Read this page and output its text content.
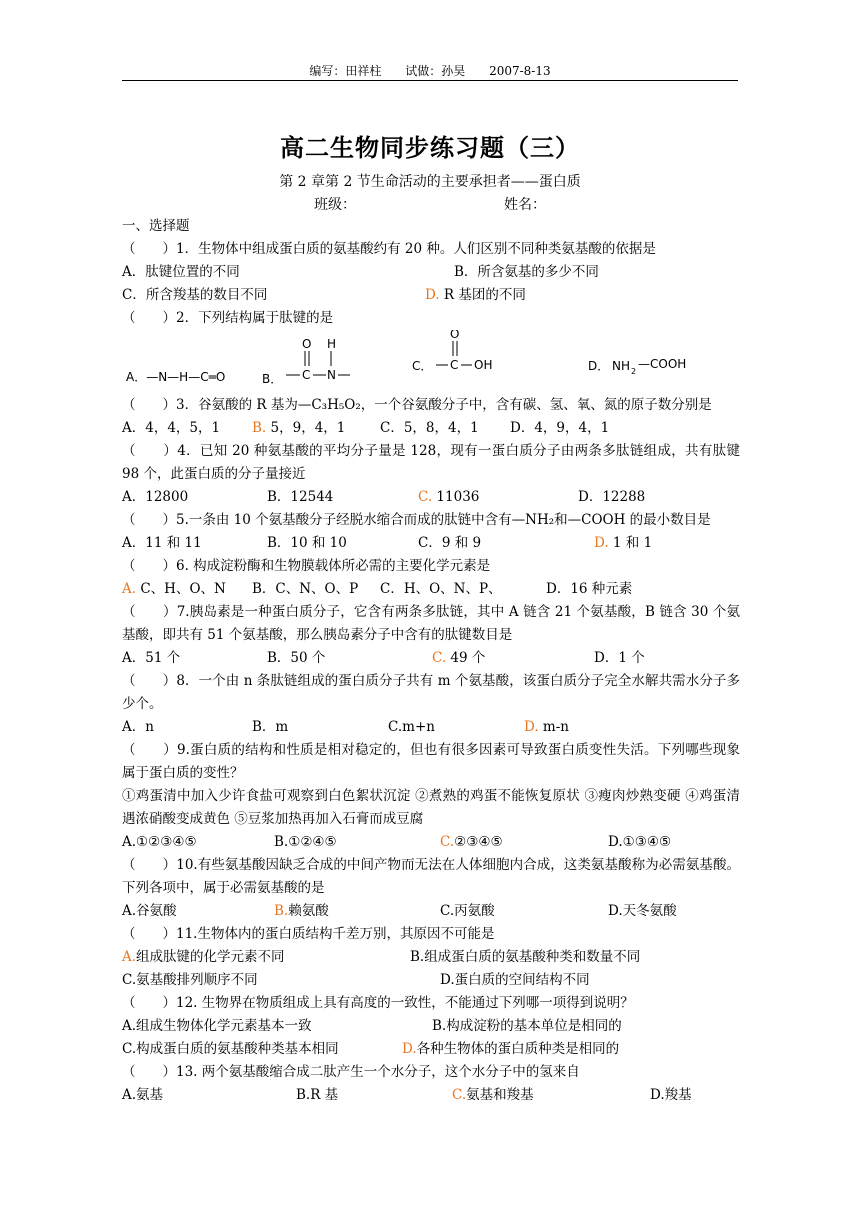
编写：田祥柱 试做：孙昊 2007-8-13
高二生物同步练习题（三）
第 2 章第 2 节生命活动的主要承担者——蛋白质
班级：	姓名：
一、选择题
（　　）1．生物体中组成蛋白质的氨基酸约有 20 种。人们区别不同种类氨基酸的依据是
A．肽键位置的不同	B．所含氨基的多少不同
C．所含羧基的数目不同	D. R 基团的不同
（　　）2．下列结构属于肽键的是
A．—N—H—C═O	B． C N
O H
C． C OH
O
D． NH 2
—COOH
（　　）3．谷氨酸的 R 基为—C₃H₅O₂，一个谷氨酸分子中，含有碳、氢、氧、氮的原子数分别是
A．4，4，5，1 B. 5，9，4，1	C．5，8，4，1 D．4，9，4，1
（　　）4．已知 20 种氨基酸的平均分子量是 128，现有一蛋白质分子由两条多肽链组成，共有肽键 98 个，此蛋白质的分子量接近
A．12800	B．12544	C. 11036	D．12288
（　　）5.一条由 10 个氨基酸分子经脱水缩合而成的肽链中含有—NH₂和—COOH 的最小数目是
A．11 和 11	B．10 和 10	C．9 和 9	D. 1 和 1
（　　）6. 构成淀粉酶和生物膜载体所必需的主要化学元素是
A. C、H、O、N B．C、N、O、P C．H、O、N、P、	D．16 种元素
（　　）7.胰岛素是一种蛋白质分子，它含有两条多肽链，其中 A 链含 21 个氨基酸，B 链含 30 个氨基酸，即共有 51 个氨基酸，那么胰岛素分子中含有的肽键数目是
A．51 个	B．50 个	C. 49 个	D．1 个
（　　）8．一个由 n 条肽链组成的蛋白质分子共有 m 个氨基酸，该蛋白质分子完全水解共需水分子多少个。
A．n	B．m	C.m+n	D. m-n
（　　）9.蛋白质的结构和性质是相对稳定的，但也有很多因素可导致蛋白质变性失活。下列哪些现象属于蛋白质的变性？
①鸡蛋清中加入少许食盐可观察到白色絮状沉淀 ②煮熟的鸡蛋不能恢复原状 ③瘦肉炒熟变硬 ④鸡蛋清遇浓硝酸变成黄色 ⑤豆浆加热再加入石膏而成豆腐
A.①②③④⑤	B.①②④⑤	C.②③④⑤	D.①③④⑤
（　　）10.有些氨基酸因缺乏合成的中间产物而无法在人体细胞内合成，这类氨基酸称为必需氨基酸。下列各项中，属于必需氨基酸的是
A.谷氨酸	B.赖氨酸	C.丙氨酸	D.天冬氨酸
（　　）11.生物体内的蛋白质结构千差万别，其原因不可能是
A.组成肽键的化学元素不同	B.组成蛋白质的氨基酸种类和数量不同
C.氨基酸排列顺序不同	D.蛋白质的空间结构不同
（　　）12. 生物界在物质组成上具有高度的一致性，不能通过下列哪一项得到说明？
A.组成生物体化学元素基本一致	B.构成淀粉的基本单位是相同的
C.构成蛋白质的氨基酸种类基本相同	D.各种生物体的蛋白质种类是相同的
（　　）13. 两个氨基酸缩合成二肽产生一个水分子，这个水分子中的氢来自
A.氨基	B.R 基	C.氨基和羧基	D.羧基
